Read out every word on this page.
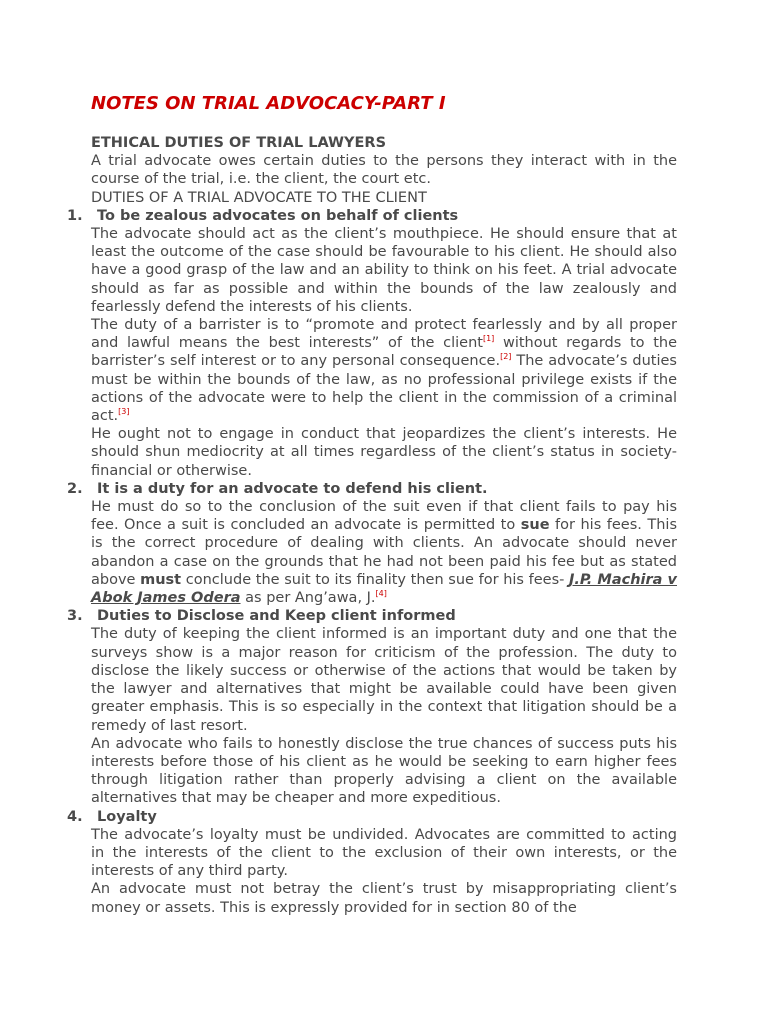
NOTES ON TRIAL ADVOCACY-PART I
ETHICAL DUTIES OF TRIAL LAWYERS

A trial advocate owes certain duties to the persons they interact with in the course of the trial, i.e. the client, the court etc.

DUTIES OF A TRIAL ADVOCATE TO THE CLIENT
1. To be zealous advocates on behalf of clients

The advocate should act as the client’s mouthpiece. He should ensure that at least the outcome of the case should be favourable to his client. He should also have a good grasp of the law and an ability to think on his feet. A trial advocate should as far as possible and within the bounds of the law zealously and fearlessly defend the interests of his clients.

The duty of a barrister is to “promote and protect fearlessly and by all proper and lawful means the best interests” of the client[1] without regards to the barrister’s self interest or to any personal consequence.[2] The advocate’s duties must be within the bounds of the law, as no professional privilege exists if the actions of the advocate were to help the client in the commission of a criminal act.[3]

He ought not to engage in conduct that jeopardizes the client’s interests. He should shun mediocrity at all times regardless of the client’s status in society- financial or otherwise.

2. It is a duty for an advocate to defend his client.

He must do so to the conclusion of the suit even if that client fails to pay his fee. Once a suit is concluded an advocate is permitted to sue for his fees. This is the correct procedure of dealing with clients. An advocate should never abandon a case on the grounds that he had not been paid his fee but as stated above must conclude the suit to its finality then sue for his fees- J.P. Machira v Abok James Odera as per Ang’awa, J.[4]

3. Duties to Disclose and Keep client informed

The duty of keeping the client informed is an important duty and one that the surveys show is a major reason for criticism of the profession. The duty to disclose the likely success or otherwise of the actions that would be taken by the lawyer and alternatives that might be available could have been given greater emphasis. This is so especially in the context that litigation should be a remedy of last resort.

An advocate who fails to honestly disclose the true chances of success puts his interests before those of his client as he would be seeking to earn higher fees through litigation rather than properly advising a client on the available alternatives that may be cheaper and more expeditious.

4. Loyalty

The advocate’s loyalty must be undivided. Advocates are committed to acting in the interests of the client to the exclusion of their own interests, or the interests of any third party.

An advocate must not betray the client’s trust by misappropriating client’s money or assets. This is expressly provided for in section 80 of the
